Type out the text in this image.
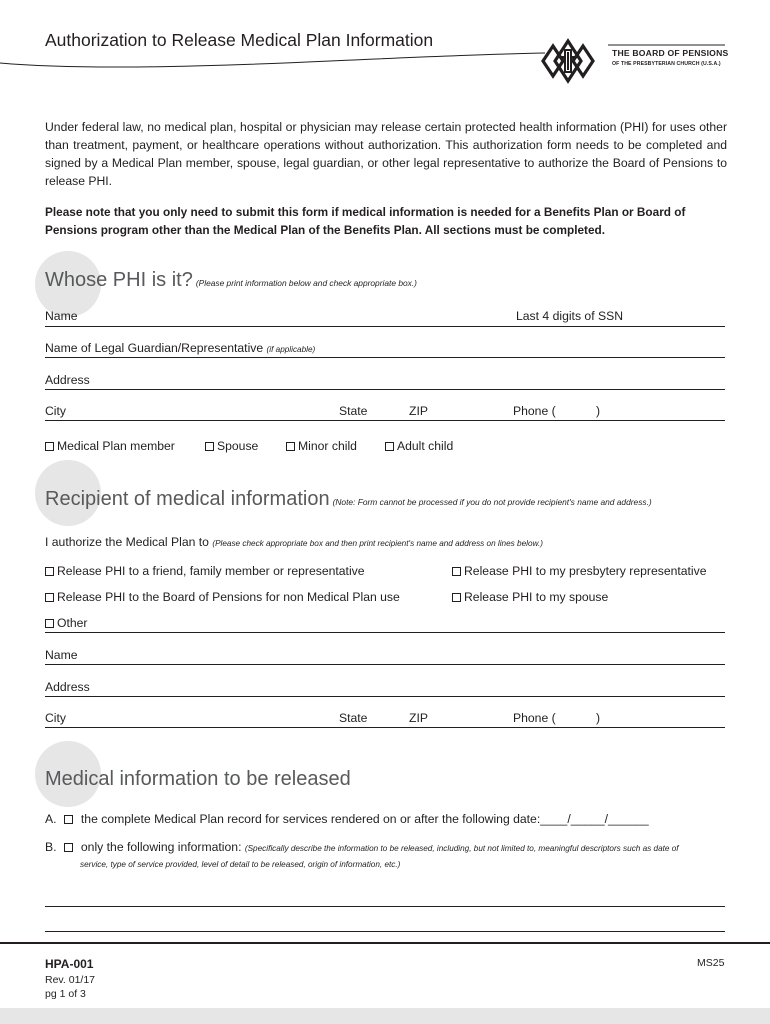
Authorization to Release Medical Plan Information
THE BOARD OF PENSIONS
OF THE PRESBYTERIAN CHURCH (U.S.A.)
Under federal law, no medical plan, hospital or physician may release certain protected health information (PHI) for uses other than treatment, payment, or healthcare operations without authorization. This authorization form needs to be completed and signed by a Medical Plan member, spouse, legal guardian, or other legal representative to authorize the Board of Pensions to release PHI.
Please note that you only need to submit this form if medical information is needed for a Benefits Plan or Board of Pensions program other than the Medical Plan of the Benefits Plan. All sections must be completed.
Whose PHI is it? (Please print information below and check appropriate box.)
Name	Last 4 digits of SSN
Name of Legal Guardian/Representative (if applicable)
Address
City	State	ZIP	Phone (	)
Medical Plan member	Spouse	Minor child	Adult child
Recipient of medical information (Note: Form cannot be processed if you do not provide recipient's name and address.)
I authorize the Medical Plan to (Please check appropriate box and then print recipient's name and address on lines below.)
Release PHI to a friend, family member or representative	Release PHI to my presbytery representative
Release PHI to the Board of Pensions for non Medical Plan use	Release PHI to my spouse
Other
Name
Address
City	State	ZIP	Phone (	)
Medical information to be released
A. the complete Medical Plan record for services rendered on or after the following date:____/_____/______
B. only the following information: (Specifically describe the information to be released, including, but not limited to, meaningful descriptors such as date of
service, type of service provided, level of detail to be released, origin of information, etc.)
HPA-001
Rev. 01/17
pg 1 of 3
MS25
